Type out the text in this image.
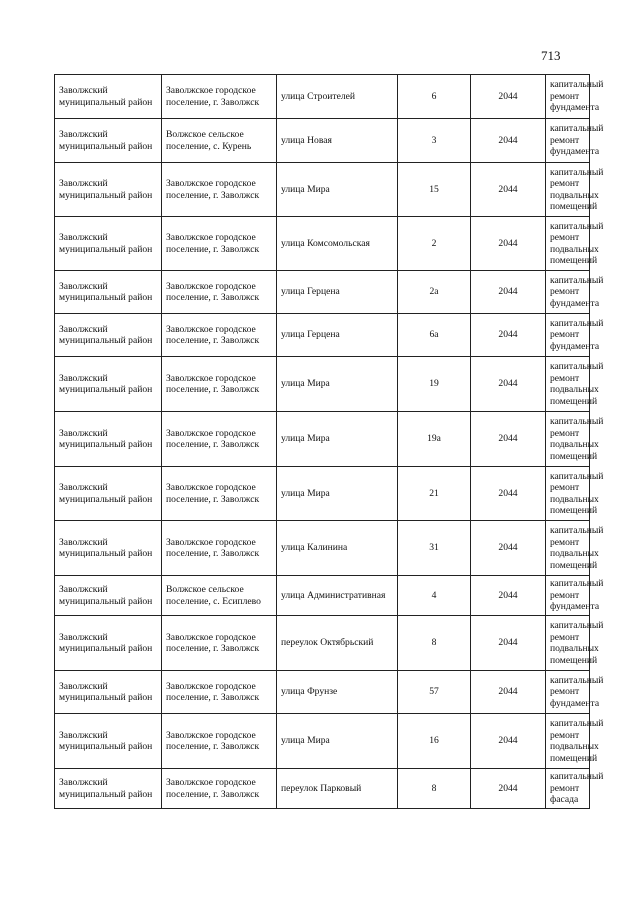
713
Заволжский муниципальный район	Заволжское городское поселение, г. Заволжск	улица Строителей	6	2044	капитальный ремонт фундамента
Заволжский муниципальный район	Волжское сельское поселение, с. Курень	улица Новая	3	2044	капитальный ремонт фундамента
Заволжский муниципальный район	Заволжское городское поселение, г. Заволжск	улица Мира	15	2044	капитальный ремонт подвальных помещений
Заволжский муниципальный район	Заволжское городское поселение, г. Заволжск	улица Комсомольская	2	2044	капитальный ремонт подвальных помещений
Заволжский муниципальный район	Заволжское городское поселение, г. Заволжск	улица Герцена	2а	2044	капитальный ремонт фундамента
Заволжский муниципальный район	Заволжское городское поселение, г. Заволжск	улица Герцена	6а	2044	капитальный ремонт фундамента
Заволжский муниципальный район	Заволжское городское поселение, г. Заволжск	улица Мира	19	2044	капитальный ремонт подвальных помещений
Заволжский муниципальный район	Заволжское городское поселение, г. Заволжск	улица Мира	19а	2044	капитальный ремонт подвальных помещений
Заволжский муниципальный район	Заволжское городское поселение, г. Заволжск	улица Мира	21	2044	капитальный ремонт подвальных помещений
Заволжский муниципальный район	Заволжское городское поселение, г. Заволжск	улица Калинина	31	2044	капитальный ремонт подвальных помещений
Заволжский муниципальный район	Волжское сельское поселение, с. Есиплево	улица Административная	4	2044	капитальный ремонт фундамента
Заволжский муниципальный район	Заволжское городское поселение, г. Заволжск	переулок Октябрьский	8	2044	капитальный ремонт подвальных помещений
Заволжский муниципальный район	Заволжское городское поселение, г. Заволжск	улица Фрунзе	57	2044	капитальный ремонт фундамента
Заволжский муниципальный район	Заволжское городское поселение, г. Заволжск	улица Мира	16	2044	капитальный ремонт подвальных помещений
Заволжский муниципальный район	Заволжское городское поселение, г. Заволжск	переулок Парковый	8	2044	капитальный ремонт фасада
